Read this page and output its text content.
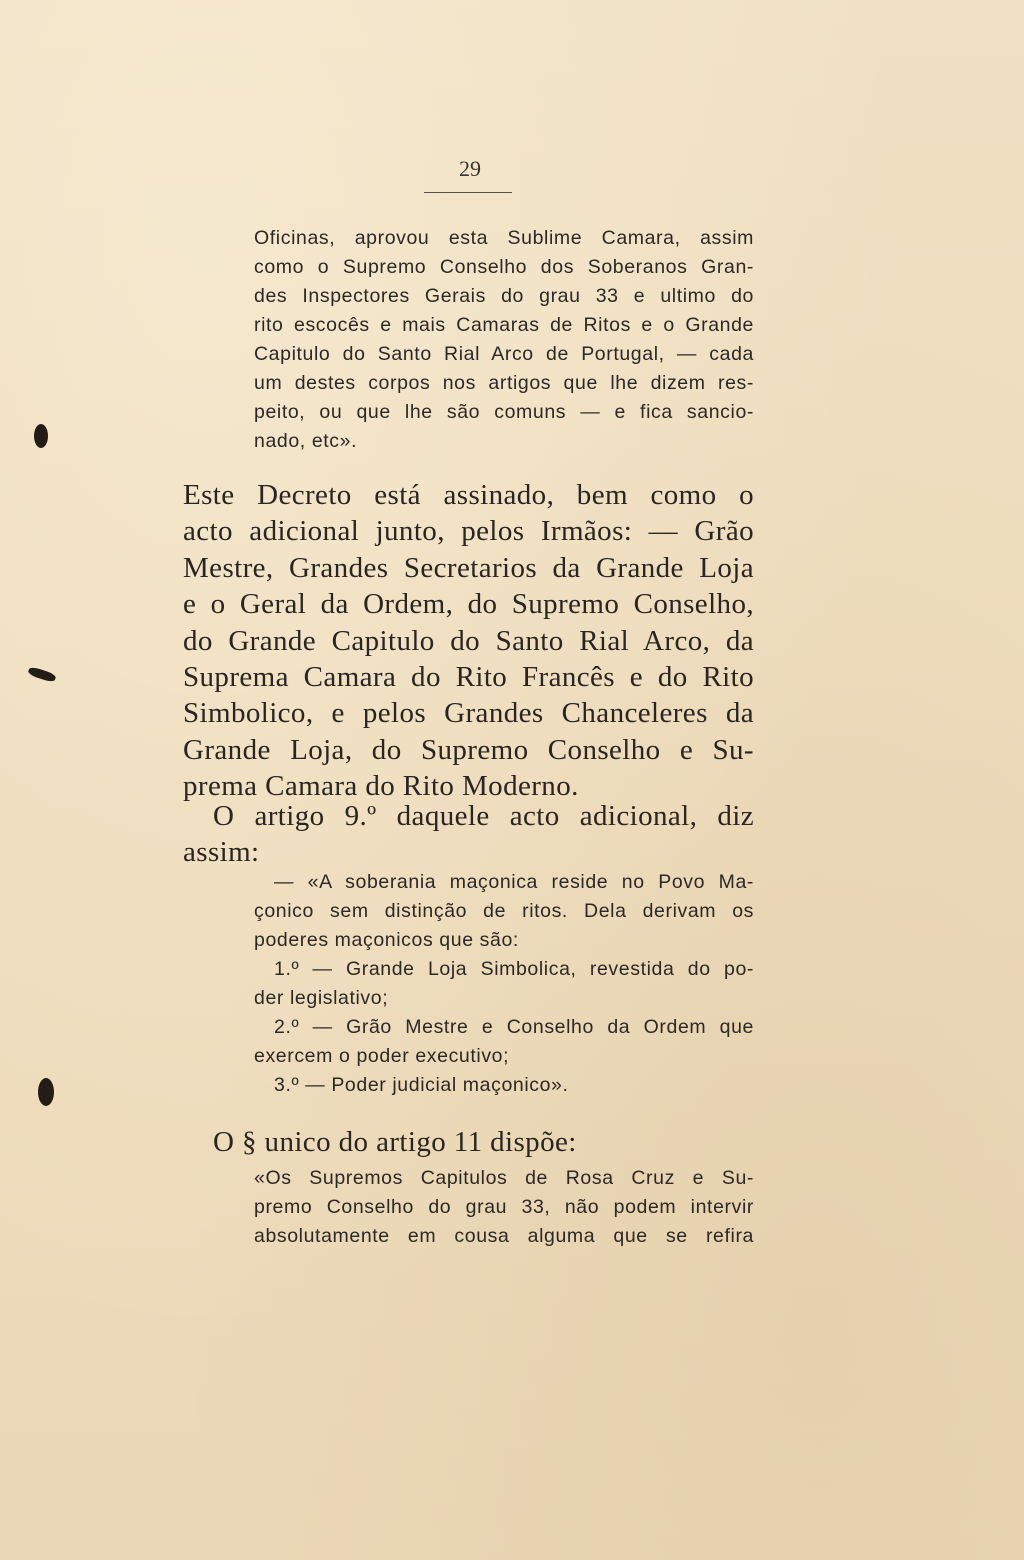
29
Oficinas, aprovou esta Sublime Camara, assim
como o Supremo Conselho dos Soberanos Gran-
des Inspectores Gerais do grau 33 e ultimo do
rito escocês e mais Camaras de Ritos e o Grande
Capitulo do Santo Rial Arco de Portugal, — cada
um destes corpos nos artigos que lhe dizem res-
peito, ou que lhe são comuns — e fica sancio-
nado, etc».
Este Decreto está assinado, bem como o
acto adicional junto, pelos Irmãos: — Grão
Mestre, Grandes Secretarios da Grande Loja
e o Geral da Ordem, do Supremo Conselho,
do Grande Capitulo do Santo Rial Arco, da
Suprema Camara do Rito Francês e do Rito
Simbolico, e pelos Grandes Chanceleres da
Grande Loja, do Supremo Conselho e Su-
prema Camara do Rito Moderno.
O artigo 9.º daquele acto adicional, diz
assim:
— «A soberania maçonica reside no Povo Ma-
çonico sem distinção de ritos. Dela derivam os
poderes maçonicos que são:
1.º — Grande Loja Simbolica, revestida do po-
der legislativo;
2.º — Grão Mestre e Conselho da Ordem que
exercem o poder executivo;
3.º — Poder judicial maçonico».
O § unico do artigo 11 dispõe:
«Os Supremos Capitulos de Rosa Cruz e Su-
premo Conselho do grau 33, não podem intervir
absolutamente em cousa alguma que se refira
